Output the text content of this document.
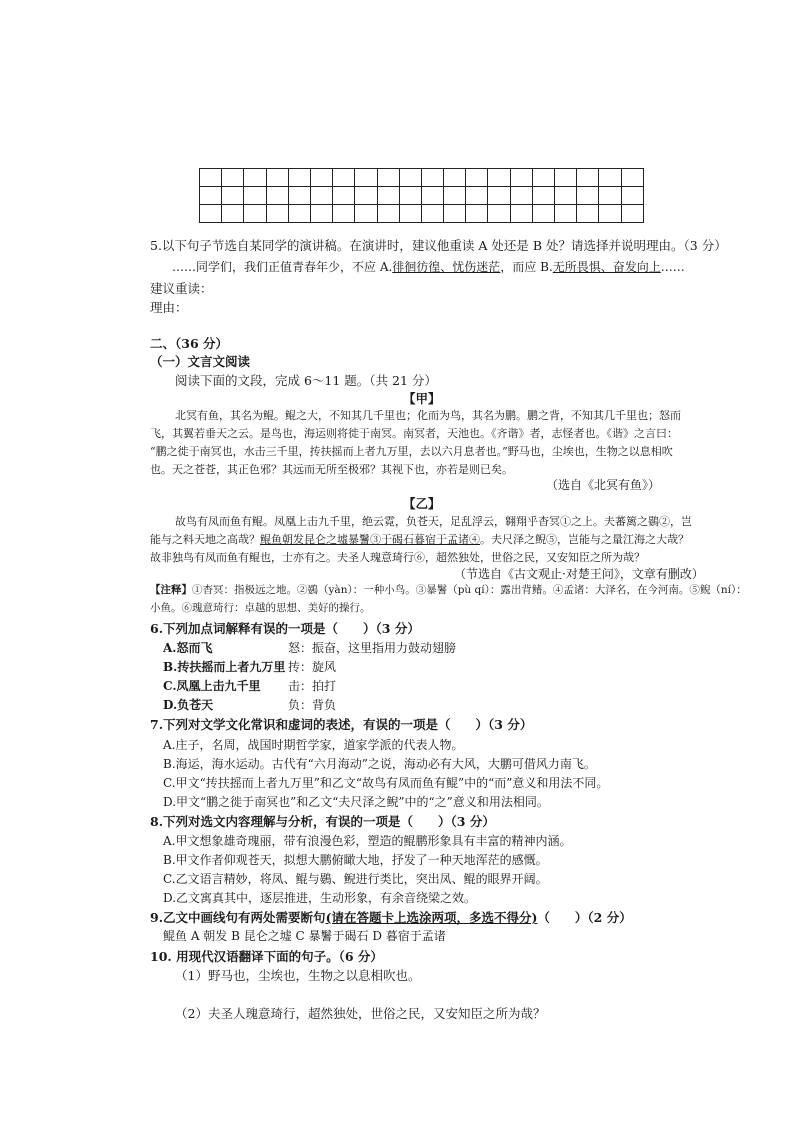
5.以下句子节选自某同学的演讲稿。在演讲时，建议他重读 A 处还是 B 处？请选择并说明理由。（3 分）
……同学们，我们正值青春年少，不应 A.徘徊彷徨、忧伤迷茫，而应 B.无所畏惧、奋发向上……
建议重读：
理由：
二、（36 分）
（一）文言文阅读
阅读下面的文段，完成 6～11 题。（共 21 分）
【甲】
北冥有鱼，其名为鲲。鲲之大，不知其几千里也；化而为鸟，其名为鹏。鹏之背，不知其几千里也；怒而
飞，其翼若垂天之云。是鸟也，海运则将徙于南冥。南冥者，天池也。《齐谐》者，志怪者也。《谐》之言曰：
“鹏之徙于南冥也，水击三千里，抟扶摇而上者九万里，去以六月息者也。”野马也，尘埃也，生物之以息相吹
也。天之苍苍，其正色邪？其远而无所至极邪？其视下也，亦若是则已矣。
（选自《北冥有鱼》）
【乙】
故鸟有凤而鱼有鲲。凤凰上击九千里，绝云霓，负苍天，足乱浮云，翱翔乎杳冥①之上。夫蕃篱之鷃②，岂
能与之料天地之高哉？鲲鱼朝发昆仑之墟暴鬐③于碣石暮宿于孟诸④。夫尺泽之鲵⑤，岂能与之量江海之大哉？
故非独鸟有凤而鱼有鲲也，士亦有之。夫圣人瑰意琦行⑥，超然独处，世俗之民，又安知臣之所为哉？
（节选自《古文观止·对楚王问》，文章有删改）
【注释】①杳冥：指极远之地。②鷃（yàn）：一种小鸟。③暴鬐（pù qí）：露出背鳍。④孟诸：大泽名，在今河南。⑤鲵（ní）：
小鱼。⑥瑰意琦行：卓越的思想、美好的操行。
6.下列加点词解释有误的一项是（　　）（3 分）
A.怒而飞	怒：振奋，这里指用力鼓动翅膀
B.抟扶摇而上者九万里 抟：旋风
C.凤凰上击九千里 击：拍打
D.负苍天	负：背负
7.下列对文学文化常识和虚词的表述，有误的一项是（　　）（3 分）
A.庄子，名周，战国时期哲学家，道家学派的代表人物。
B.海运，海水运动。古代有“六月海动”之说，海动必有大风，大鹏可借风力南飞。
C.甲文“抟扶摇而上者九万里”和乙文“故鸟有凤而鱼有鲲”中的“而”意义和用法不同。
D.甲文“鹏之徙于南冥也”和乙文“夫尺泽之鲵”中的“之”意义和用法相同。
8.下列对选文内容理解与分析，有误的一项是（　　）（3 分）
A.甲文想象雄奇瑰丽，带有浪漫色彩，塑造的鲲鹏形象具有丰富的精神内涵。
B.甲文作者仰观苍天，拟想大鹏俯瞰大地，抒发了一种天地浑茫的感慨。
C.乙文语言精妙，将凤、鲲与鷃、鲵进行类比，突出凤、鲲的眼界开阔。
D.乙文寓真其中，逐层推进，生动形象，有余音绕梁之效。
9.乙文中画线句有两处需要断句(请在答题卡上选涂两项，多选不得分)（　　）（2 分）
鲲鱼 A 朝发 B 昆仑之墟 C 暴鬐于碣石 D 暮宿于孟诸
10. 用现代汉语翻译下面的句子。（6 分）
（1）野马也，尘埃也，生物之以息相吹也。
（2）夫圣人瑰意琦行，超然独处，世俗之民，又安知臣之所为哉？
